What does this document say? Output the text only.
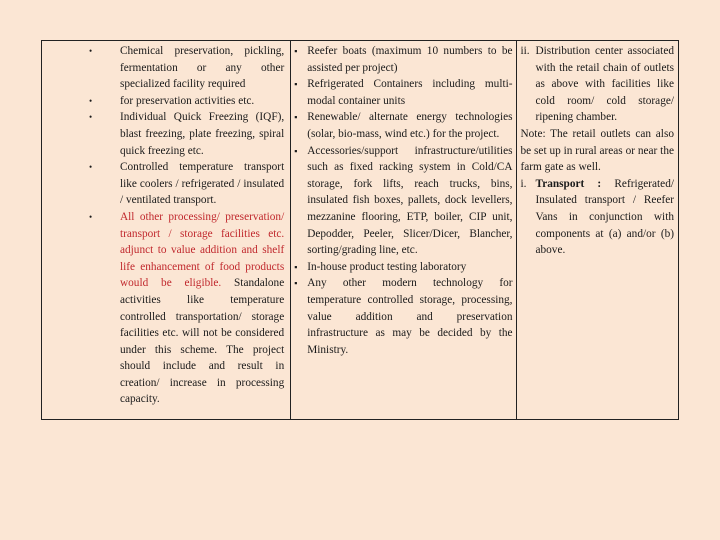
• Chemical preservation, pickling, fermentation or any other specialized facility required
• for preservation activities etc.
• Individual Quick Freezing (IQF), blast freezing, plate freezing, spiral quick freezing etc.
• Controlled temperature transport like coolers / refrigerated / insulated / ventilated transport.
• All other processing/ preservation/ transport / storage facilities etc. adjunct to value addition and shelf life enhancement of food products would be eligible. Standalone activities like temperature controlled transportation/ storage facilities etc. will not be considered under this scheme. The project should include and result in creation/ increase in processing capacity.
▪ Reefer boats (maximum 10 numbers to be assisted per project)
▪ Refrigerated Containers including multi-modal container units
▪ Renewable/ alternate energy technologies (solar, bio-mass, wind etc.) for the project.
▪ Accessories/support infrastructure/utilities such as fixed racking system in Cold/CA storage, fork lifts, reach trucks, bins, insulated fish boxes, pallets, dock levellers, mezzanine flooring, ETP, boiler, CIP unit, Depodder, Peeler, Slicer/Dicer, Blancher, sorting/grading line, etc.
▪ In-house product testing laboratory
▪ Any other modern technology for temperature controlled storage, processing, value addition and preservation infrastructure as may be decided by the Ministry.
ii. Distribution center associated with the retail chain of outlets as above with facilities like cold room/ cold storage/ ripening chamber.
Note: The retail outlets can also be set up in rural areas or near the farm gate as well.
i. Transport : Refrigerated/ Insulated transport / Reefer Vans in conjunction with components at (a) and/or (b) above.
